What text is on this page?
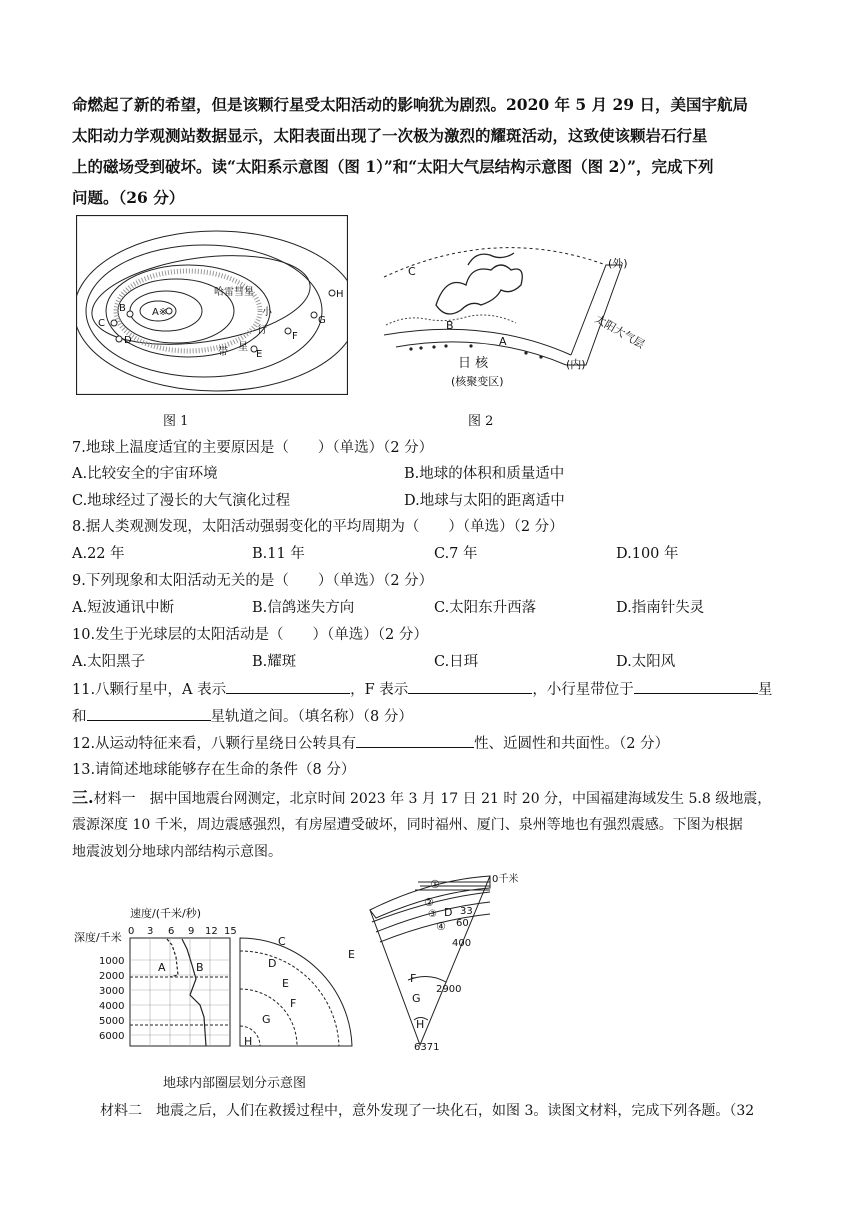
命燃起了新的希望，但是该颗行星受太阳活动的影响犹为剧烈。2020 年 5 月 29 日，美国宇航局
太阳动力学观测站数据显示，太阳表面出现了一次极为激烈的耀斑活动，这致使该颗岩石行星
上的磁场受到破坏。读“太阳系示意图（图 1）”和“太阳大气层结构示意图（图 2）”，完成下列
问题。（26 分）
哈雷彗星
A※
B
C
D
E
F
G
H
小
行
星
带
图 1
C
B
A
(外)
(内)
太阳大气层
日 核
(核聚变区)
图 2
7.地球上温度适宜的主要原因是（　　）（单选）（2 分）
A.比较安全的宇宙环境	B.地球的体积和质量适中
C.地球经过了漫长的大气演化过程	D.地球与太阳的距离适中
8.据人类观测发现，太阳活动强弱变化的平均周期为（　　）（单选）（2 分）
A.22 年	B.11 年	C.7 年	D.100 年
9.下列现象和太阳活动无关的是（　　）（单选）（2 分）
A.短波通讯中断	B.信鸽迷失方向	C.太阳东升西落	D.指南针失灵
10.发生于光球层的太阳活动是（　　）（单选）（2 分）
A.太阳黑子	B.耀斑	C.日珥	D.太阳风
11.八颗行星中，A 表示	，F 表示	，小行星带位于	星
和	星轨道之间。（填名称）（8 分）
12.从运动特征来看，八颗行星绕日公转具有	性、近圆性和共面性。（2 分）
13.请简述地球能够存在生命的条件（8 分）
三.材料一　据中国地震台网测定，北京时间 2023 年 3 月 17 日 21 时 20 分，中国福建海域发生 5.8 级地震，
震源深度 10 千米，周边震感强烈，有房屋遭受破坏，同时福州、厦门、泉州等地也有强烈震感。下图为根据
地震波划分地球内部结构示意图。
速度/(千米/秒)
深度/千米 0 3 6 9 12 15
1000
2000
3000
4000
5000
6000
A	B
C
D
E
F
G
H
地球内部圈层划分示意图
①
②
③
④
D
E
F
G
H
0千米
33
60
400
2900
6371
材料二　地震之后，人们在救援过程中，意外发现了一块化石，如图 3。读图文材料，完成下列各题。（32
